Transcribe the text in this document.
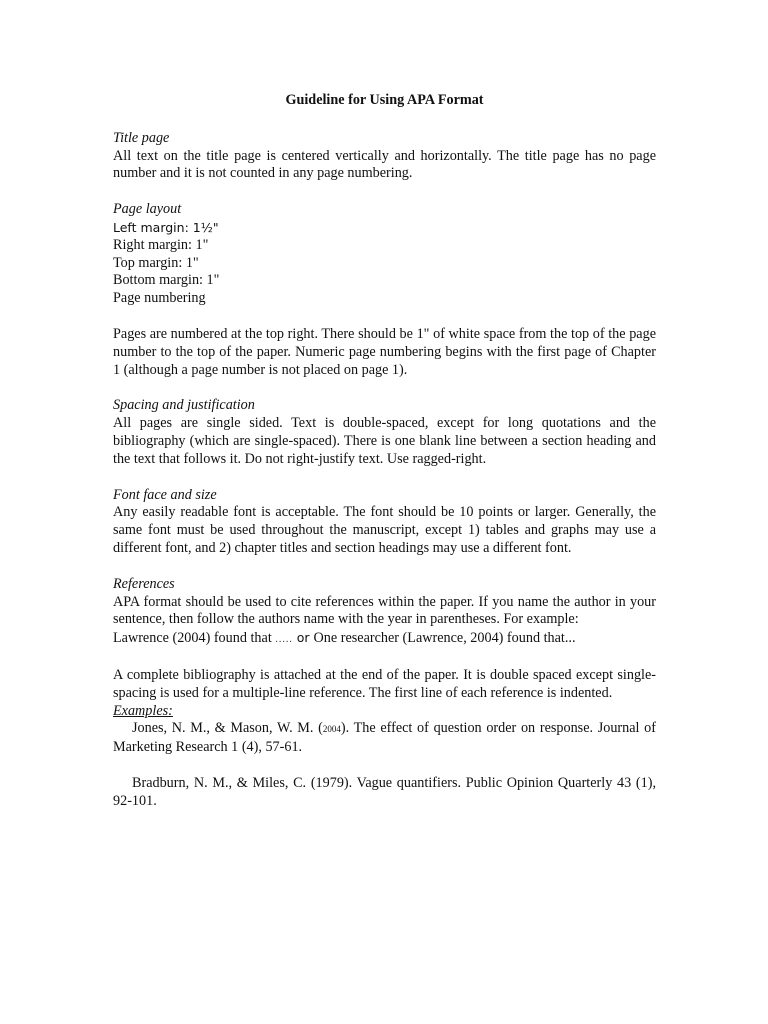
Guideline for Using APA Format
Title page
All text on the title page is centered vertically and horizontally. The title page has no page number and it is not counted in any page numbering.
Page layout
Left margin: 1½"
Right margin: 1"
Top margin: 1"
Bottom margin: 1"
Page numbering
Pages are numbered at the top right. There should be 1" of white space from the top of the page number to the top of the paper. Numeric page numbering begins with the first page of Chapter 1 (although a page number is not placed on page 1).
Spacing and justification
All pages are single sided. Text is double-spaced, except for long quotations and the bibliography (which are single-spaced). There is one blank line between a section heading and the text that follows it. Do not right-justify text. Use ragged-right.
Font face and size
Any easily readable font is acceptable. The font should be 10 points or larger. Generally, the same font must be used throughout the manuscript, except 1) tables and graphs may use a different font, and 2) chapter titles and section headings may use a different font.
References
APA format should be used to cite references within the paper. If you name the author in your sentence, then follow the authors name with the year in parentheses. For example:
Lawrence (2004) found that ..... or One researcher (Lawrence, 2004) found that...
A complete bibliography is attached at the end of the paper. It is double spaced except single-spacing is used for a multiple-line reference. The first line of each reference is indented.
Examples:
Jones, N. M., & Mason, W. M. (2004). The effect of question order on response. Journal of Marketing Research 1 (4), 57-61.
Bradburn, N. M., & Miles, C. (1979). Vague quantifiers. Public Opinion Quarterly 43 (1), 92-101.
